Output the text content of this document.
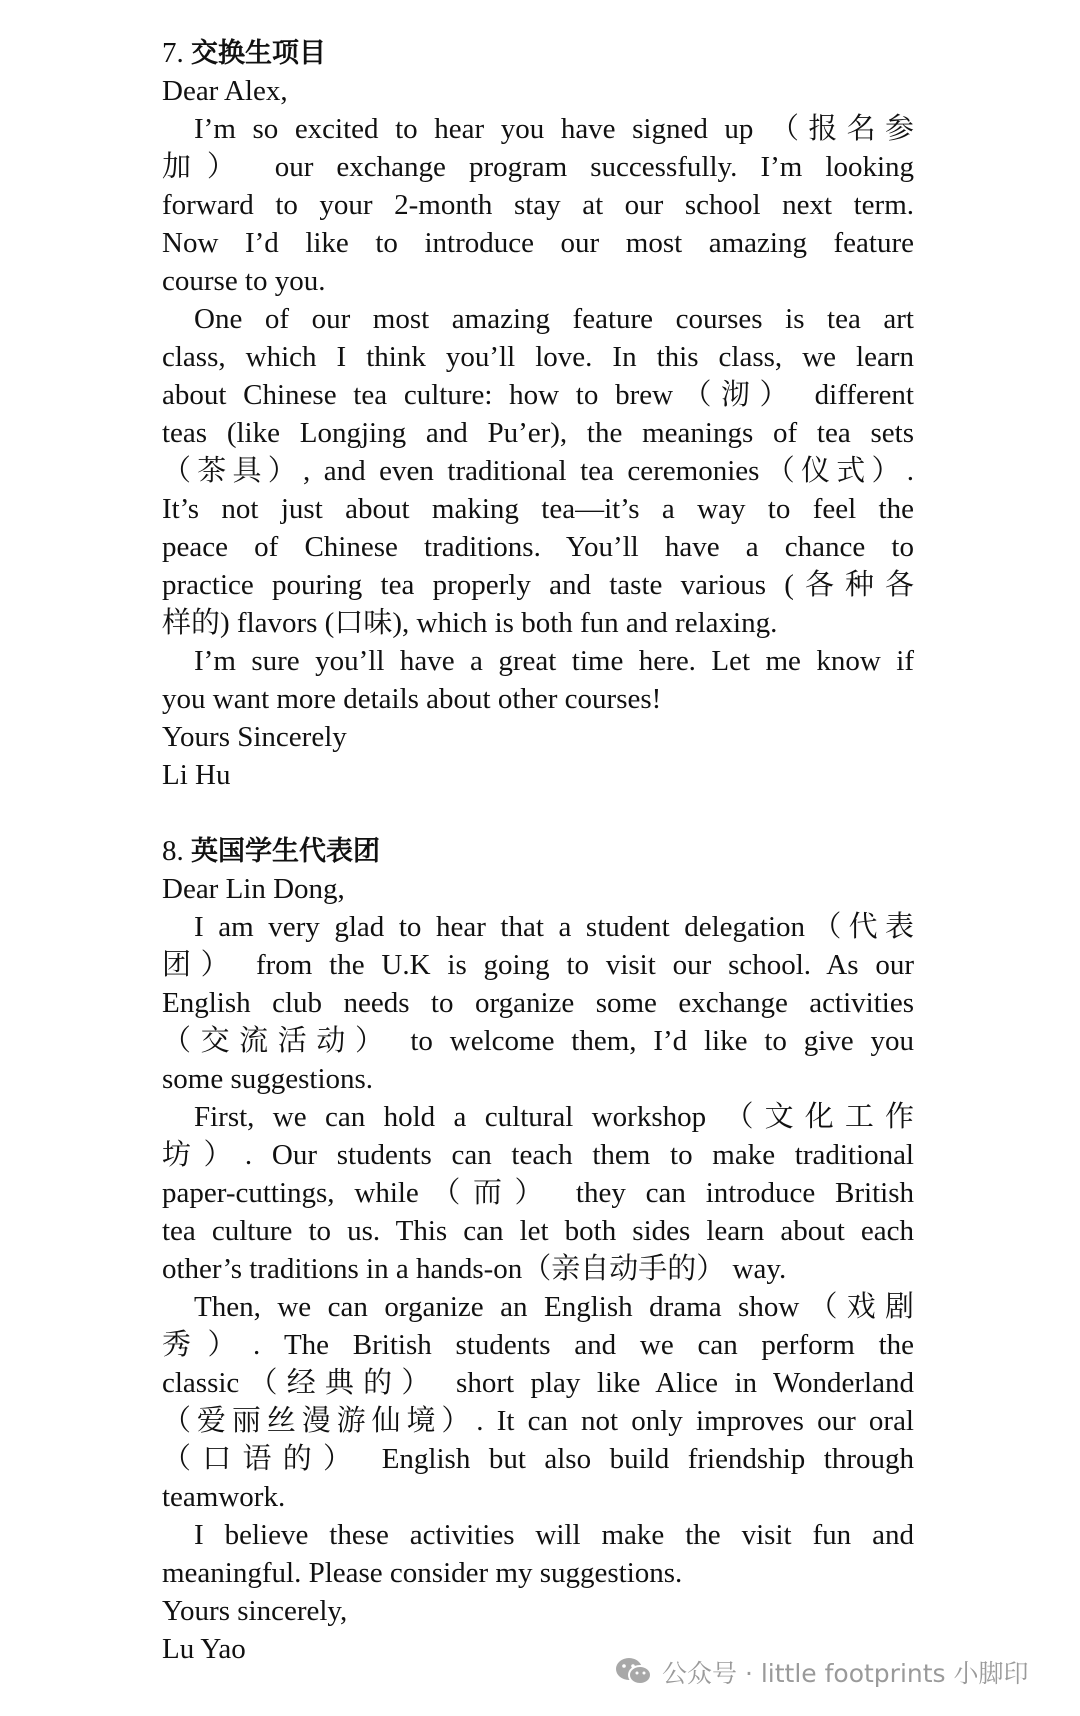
7. 交换生项目

Dear Alex,

I’m so excited to hear you have signed up （报名参

加） our exchange program successfully. I’m looking

forward to your 2-month stay at our school next term.

Now I’d like to introduce our most amazing feature

course to you.

One of our most amazing feature courses is tea art

class, which I think you’ll love. In this class, we learn

about Chinese tea culture: how to brew（沏） different

teas (like Longjing and Pu’er), the meanings of tea sets

（茶具）, and even traditional tea ceremonies（仪式）.

It’s not just about making tea—it’s a way to feel the

peace of Chinese traditions. You’ll have a chance to

practice pouring tea properly and taste various (各种各

样的) flavors (口味), which is both fun and relaxing.

I’m sure you’ll have a great time here. Let me know if

you want more details about other courses!

Yours Sincerely

Li Hu

8. 英国学生代表团

Dear Lin Dong,

I am very glad to hear that a student delegation（代表

团） from the U.K is going to visit our school. As our

English club needs to organize some exchange activities

（交流活动） to welcome them, I’d like to give you

some suggestions.

First, we can hold a cultural workshop （文化工作

坊）. Our students can teach them to make traditional

paper-cuttings, while（而） they can introduce British

tea culture to us. This can let both sides learn about each

other’s traditions in a hands-on（亲自动手的） way.

Then, we can organize an English drama show（戏剧

秀）. The British students and we can perform the

classic（经典的） short play like Alice in Wonderland

（爱丽丝漫游仙境）. It can not only improves our oral

（口语的） English but also build friendship through

teamwork.

I believe these activities will make the visit fun and

meaningful. Please consider my suggestions.

Yours sincerely,

Lu Yao

公众号 · little footprints 小脚印
